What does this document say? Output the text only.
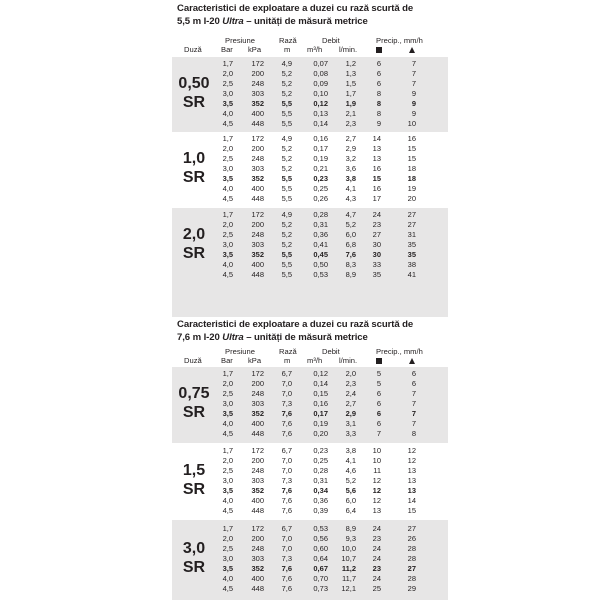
Caracteristici de exploatare a duzei cu rază scurtă de
5,5 m I-20 Ultra – unități de măsură metrice
Presiune	Rază	Debit	Precip., mm/h
Duză	Bar kPa	m m³/h l/min.
0,50
SR
1,7	172	4,9	0,07	1,2	6	7
2,0	200	5,2	0,08	1,3	6	7
2,5	248	5,2	0,09	1,5	6	7
3,0	303	5,2	0,10	1,7	8	9
3,5	352	5,5	0,12	1,9	8	9
4,0	400	5,5	0,13	2,1	8	9
4,5	448	5,5	0,14	2,3	9	10
1,0
SR
1,7	172	4,9	0,16	2,7	14	16
2,0	200	5,2	0,17	2,9	13	15
2,5	248	5,2	0,19	3,2	13	15
3,0	303	5,2	0,21	3,6	16	18
3,5	352	5,5	0,23	3,8	15	18
4,0	400	5,5	0,25	4,1	16	19
4,5	448	5,5	0,26	4,3	17	20
2,0
SR
1,7	172	4,9	0,28	4,7	24	27
2,0	200	5,2	0,31	5,2	23	27
2,5	248	5,2	0,36	6,0	27	31
3,0	303	5,2	0,41	6,8	30	35
3,5	352	5,5	0,45	7,6	30	35
4,0	400	5,5	0,50	8,3	33	38
4,5	448	5,5	0,53	8,9	35	41
Caracteristici de exploatare a duzei cu rază scurtă de
7,6 m I-20 Ultra – unități de măsură metrice
Presiune	Rază	Debit	Precip., mm/h
Duză	Bar kPa	m m³/h l/min.
0,75
SR
1,7	172	6,7	0,12	2,0	5	6
2,0	200	7,0	0,14	2,3	5	6
2,5	248	7,0	0,15	2,4	6	7
3,0	303	7,3	0,16	2,7	6	7
3,5	352	7,6	0,17	2,9	6	7
4,0	400	7,6	0,19	3,1	6	7
4,5	448	7,6	0,20	3,3	7	8
1,5
SR
1,7	172	6,7	0,23	3,8	10	12
2,0	200	7,0	0,25	4,1	10	12
2,5	248	7,0	0,28	4,6	11	13
3,0	303	7,3	0,31	5,2	12	13
3,5	352	7,6	0,34	5,6	12	13
4,0	400	7,6	0,36	6,0	12	14
4,5	448	7,6	0,39	6,4	13	15
3,0
SR
1,7	172	6,7	0,53	8,9	24	27
2,0	200	7,0	0,56	9,3	23	26
2,5	248	7,0	0,60	10,0	24	28
3,0	303	7,3	0,64	10,7	24	28
3,5	352	7,6	0,67	11,2	23	27
4,0	400	7,6	0,70	11,7	24	28
4,5	448	7,6	0,73	12,1	25	29
